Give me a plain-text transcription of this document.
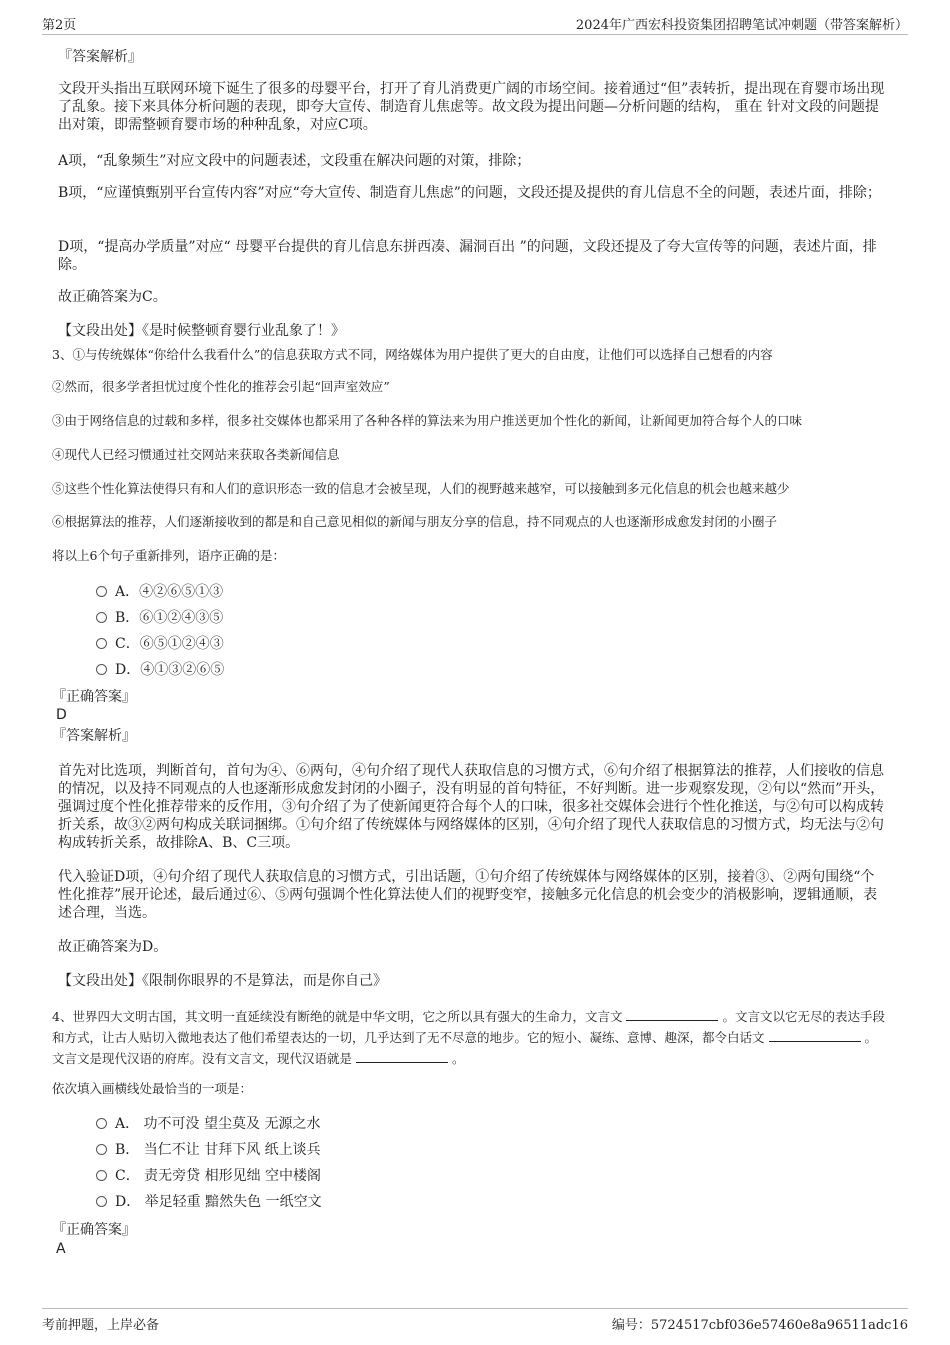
第2页	2024年广西宏科投资集团招聘笔试冲刺题（带答案解析）
『答案解析』
文段开头指出互联网环境下诞生了很多的母婴平台，打开了育儿消费更广阔的市场空间。接着通过“但”表转折，提出现在育婴市场出现了乱象。接下来具体分析问题的表现，即夸大宣传、制造育儿焦虑等。故文段为提出问题—分析问题的结构， 重在 针对文段的问题提出对策，即需整顿育婴市场的种种乱象，对应C项。
A项，“乱象频生”对应文段中的问题表述，文段重在解决问题的对策，排除；
B项，“应谨慎甄别平台宣传内容”对应“夸大宣传、制造育儿焦虑”的问题，文段还提及提供的育儿信息不全的问题，表述片面，排除；
D项，“提高办学质量”对应“ 母婴平台提供的育儿信息东拼西凑、漏洞百出 ”的问题，文段还提及了夸大宣传等的问题，表述片面，排除。
故正确答案为C。
【文段出处】《是时候整顿育婴行业乱象了！》
3、①与传统媒体“你给什么我看什么”的信息获取方式不同，网络媒体为用户提供了更大的自由度，让他们可以选择自己想看的内容
②然而，很多学者担忧过度个性化的推荐会引起“回声室效应”
③由于网络信息的过载和多样，很多社交媒体也都采用了各种各样的算法来为用户推送更加个性化的新闻，让新闻更加符合每个人的口味
④现代人已经习惯通过社交网站来获取各类新闻信息
⑤这些个性化算法使得只有和人们的意识形态一致的信息才会被呈现，人们的视野越来越窄，可以接触到多元化信息的机会也越来越少
⑥根据算法的推荐，人们逐渐接收到的都是和自己意见相似的新闻与朋友分享的信息，持不同观点的人也逐渐形成愈发封闭的小圈子
将以上6个句子重新排列，语序正确的是：
A．④②⑥⑤①③
B．⑥①②④③⑤
C．⑥⑤①②④③
D．④①③②⑥⑤
『正确答案』
D
『答案解析』
首先对比选项，判断首句，首句为④、⑥两句，④句介绍了现代人获取信息的习惯方式，⑥句介绍了根据算法的推荐，人们接收的信息的情况，以及持不同观点的人也逐渐形成愈发封闭的小圈子，没有明显的首句特征，不好判断。进一步观察发现，②句以“然而”开头，强调过度个性化推荐带来的反作用，③句介绍了为了使新闻更符合每个人的口味，很多社交媒体会进行个性化推送，与②句可以构成转折关系，故③②两句构成关联词捆绑。①句介绍了传统媒体与网络媒体的区别，④句介绍了现代人获取信息的习惯方式，均无法与②句构成转折关系，故排除A、B、C三项。
代入验证D项，④句介绍了现代人获取信息的习惯方式，引出话题，①句介绍了传统媒体与网络媒体的区别，接着③、②两句围绕“个性化推荐”展开论述，最后通过⑥、⑤两句强调个性化算法使人们的视野变窄，接触多元化信息的机会变少的消极影响，逻辑通顺，表述合理，当选。
故正确答案为D。
【文段出处】《限制你眼界的不是算法，而是你自己》
4、世界四大文明古国，其文明一直延续没有断绝的就是中华文明，它之所以具有强大的生命力，文言文	。文言文以它无尽的表达手段和方式，让古人贴切入微地表达了他们希望表达的一切，几乎达到了无不尽意的地步。它的短小、凝练、意博、趣深，都令白话文	。文言文是现代汉语的府库。没有文言文，现代汉语就是	。
依次填入画横线处最恰当的一项是：
A． 功不可没 望尘莫及 无源之水
B． 当仁不让 甘拜下风 纸上谈兵
C． 责无旁贷 相形见绌 空中楼阁
D． 举足轻重 黯然失色 一纸空文
『正确答案』
A
考前押题，上岸必备	编号：5724517cbf036e57460e8a96511adc16
